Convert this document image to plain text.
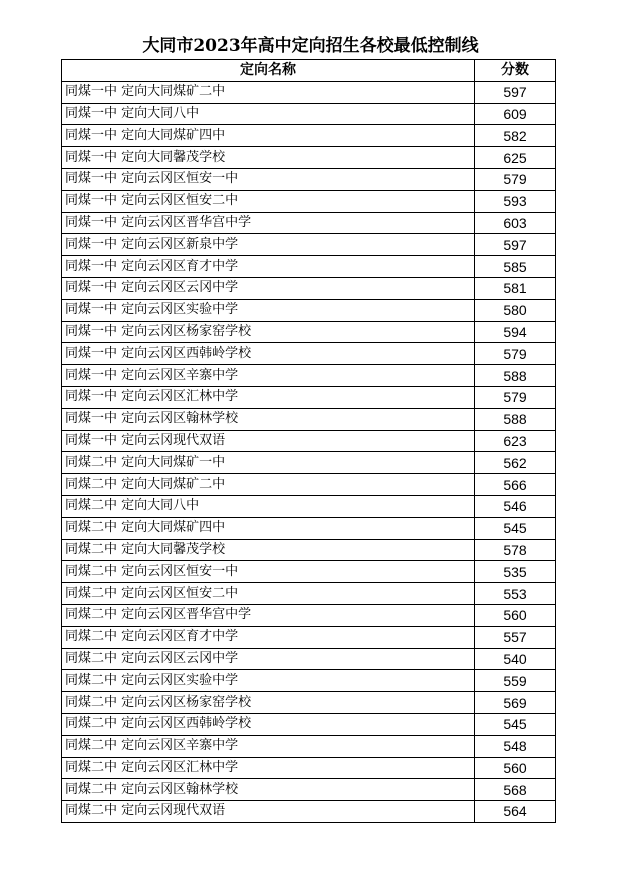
大同市2023年高中定向招生各校最低控制线
定向名称	分数
同煤一中 定向大同煤矿二中	597
同煤一中 定向大同八中	609
同煤一中 定向大同煤矿四中	582
同煤一中 定向大同馨茂学校	625
同煤一中 定向云冈区恒安一中	579
同煤一中 定向云冈区恒安二中	593
同煤一中 定向云冈区晋华宫中学	603
同煤一中 定向云冈区新泉中学	597
同煤一中 定向云冈区育才中学	585
同煤一中 定向云冈区云冈中学	581
同煤一中 定向云冈区实验中学	580
同煤一中 定向云冈区杨家窑学校	594
同煤一中 定向云冈区西韩岭学校	579
同煤一中 定向云冈区辛寨中学	588
同煤一中 定向云冈区汇林中学	579
同煤一中 定向云冈区翰林学校	588
同煤一中 定向云冈现代双语	623
同煤二中 定向大同煤矿一中	562
同煤二中 定向大同煤矿二中	566
同煤二中 定向大同八中	546
同煤二中 定向大同煤矿四中	545
同煤二中 定向大同馨茂学校	578
同煤二中 定向云冈区恒安一中	535
同煤二中 定向云冈区恒安二中	553
同煤二中 定向云冈区晋华宫中学	560
同煤二中 定向云冈区育才中学	557
同煤二中 定向云冈区云冈中学	540
同煤二中 定向云冈区实验中学	559
同煤二中 定向云冈区杨家窑学校	569
同煤二中 定向云冈区西韩岭学校	545
同煤二中 定向云冈区辛寨中学	548
同煤二中 定向云冈区汇林中学	560
同煤二中 定向云冈区翰林学校	568
同煤二中 定向云冈现代双语	564
